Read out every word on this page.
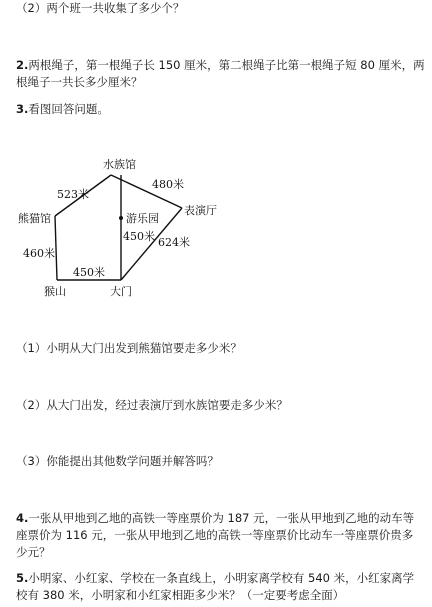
（2）两个班一共收集了多少个？
2.两根绳子，第一根绳子长 150 厘米，第二根绳子比第一根绳子短 80 厘米，两
根绳子一共长多少厘米？
3.看图回答问题。
水族馆
熊猫馆	游乐园
表演厅
猴山	大门
523米
480米
460米
450米
450米 624米
（1）小明从大门出发到熊猫馆要走多少米？
（2）从大门出发，经过表演厅到水族馆要走多少米？
（3）你能提出其他数学问题并解答吗？
4.一张从甲地到乙地的高铁一等座票价为 187 元，一张从甲地到乙地的动车等
座票价为 116 元，一张从甲地到乙地的高铁一等座票价比动车一等座票价贵多
少元？
5.小明家、小红家、学校在一条直线上，小明家离学校有 540 米，小红家离学
校有 380 米，小明家和小红家相距多少米？（一定要考虑全面）
